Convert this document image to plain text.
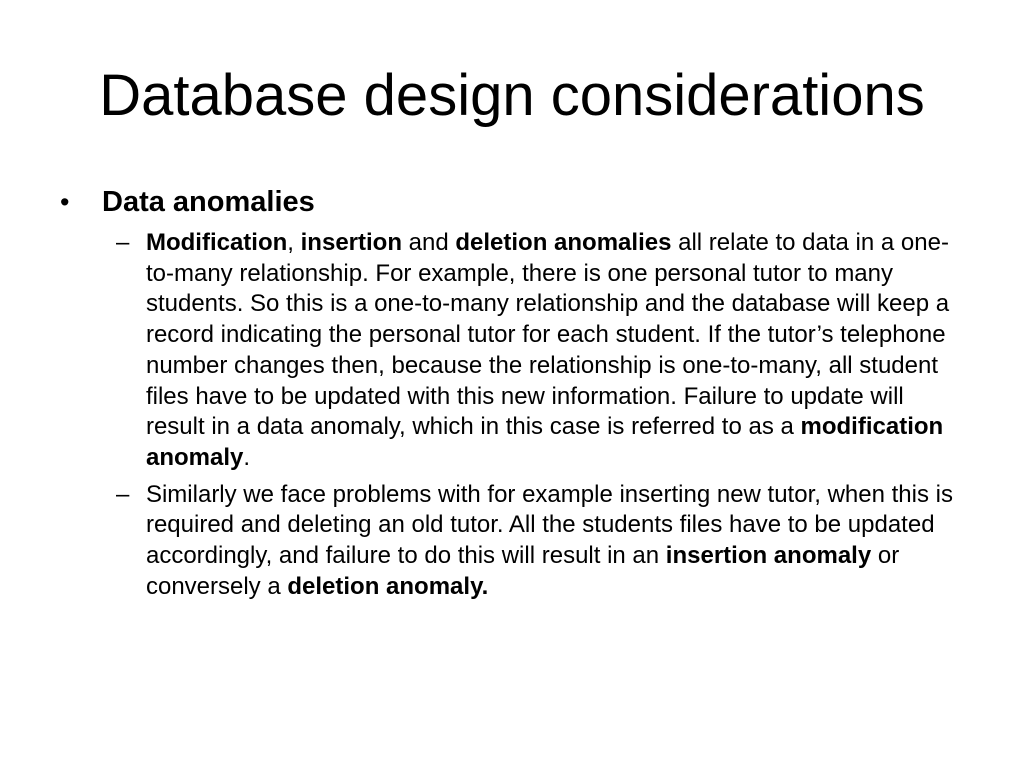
Database design considerations
•	Data anomalies
– Modification, insertion and deletion anomalies all relate to data in a one-to-many relationship. For example, there is one personal tutor to many students. So this is a one-to-many relationship and the database will keep a record indicating the personal tutor for each student. If the tutor’s telephone number changes then, because the relationship is one-to-many, all student files have to be updated with this new information. Failure to update will result in a data anomaly, which in this case is referred to as a modification anomaly.
– Similarly we face problems with for example inserting new tutor, when this is required and deleting an old tutor. All the students files have to be updated accordingly, and failure to do this will result in an insertion anomaly or conversely a deletion anomaly.
